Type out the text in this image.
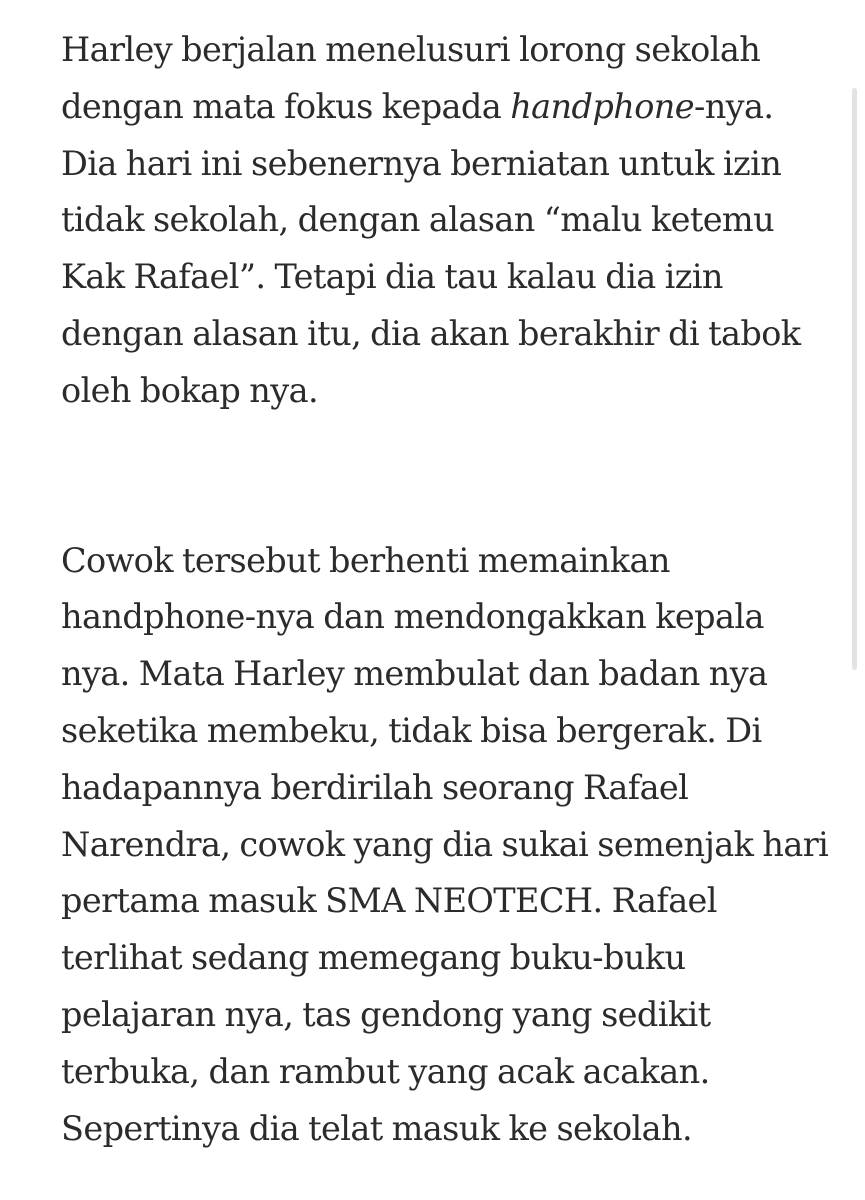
Harley berjalan menelusuri lorong sekolah
dengan mata fokus kepada handphone-nya.
Dia hari ini sebenernya berniatan untuk izin
tidak sekolah, dengan alasan “malu ketemu
Kak Rafael”. Tetapi dia tau kalau dia izin
dengan alasan itu, dia akan berakhir di tabok
oleh bokap nya.

Cowok tersebut berhenti memainkan
handphone-nya dan mendongakkan kepala
nya. Mata Harley membulat dan badan nya
seketika membeku, tidak bisa bergerak. Di
hadapannya berdirilah seorang Rafael
Narendra, cowok yang dia sukai semenjak hari
pertama masuk SMA NEOTECH. Rafael
terlihat sedang memegang buku-buku
pelajaran nya, tas gendong yang sedikit
terbuka, dan rambut yang acak acakan.
Sepertinya dia telat masuk ke sekolah.
